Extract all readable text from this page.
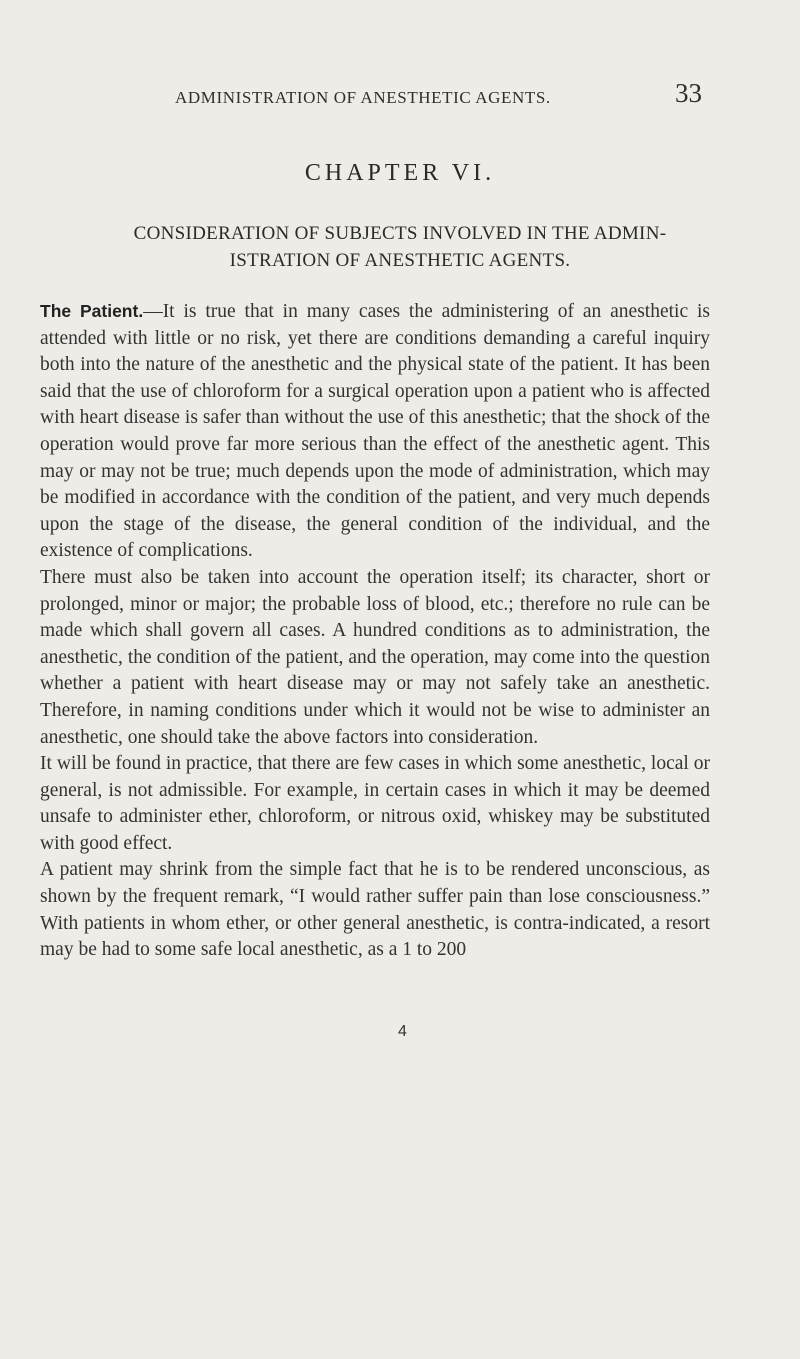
ADMINISTRATION OF ANESTHETIC AGENTS.	33
CHAPTER VI.
CONSIDERATION OF SUBJECTS INVOLVED IN THE ADMIN-
ISTRATION OF ANESTHETIC AGENTS.

The Patient.—It is true that in many cases the administering of an anesthetic is attended with little or no risk, yet there are conditions demanding a careful inquiry both into the nature of the anesthetic and the physical state of the patient. It has been said that the use of chloroform for a surgical operation upon a patient who is affected with heart disease is safer than without the use of this anesthetic; that the shock of the operation would prove far more serious than the effect of the anesthetic agent. This may or may not be true; much depends upon the mode of administration, which may be modified in accordance with the condition of the patient, and very much depends upon the stage of the disease, the general condition of the individual, and the existence of complications.

There must also be taken into account the operation itself; its character, short or prolonged, minor or major; the probable loss of blood, etc.; therefore no rule can be made which shall govern all cases. A hundred conditions as to administration, the anesthetic, the condition of the patient, and the operation, may come into the question whether a patient with heart disease may or may not safely take an anesthetic. Therefore, in naming conditions under which it would not be wise to administer an anesthetic, one should take the above factors into consideration.

It will be found in practice, that there are few cases in which some anesthetic, local or general, is not admissible. For example, in certain cases in which it may be deemed unsafe to administer ether, chloroform, or nitrous oxid, whiskey may be substituted with good effect.

A patient may shrink from the simple fact that he is to be rendered unconscious, as shown by the frequent remark, “I would rather suffer pain than lose consciousness.” With patients in whom ether, or other general anesthetic, is contra-indicated, a resort may be had to some safe local anesthetic, as a 1 to 200

4
